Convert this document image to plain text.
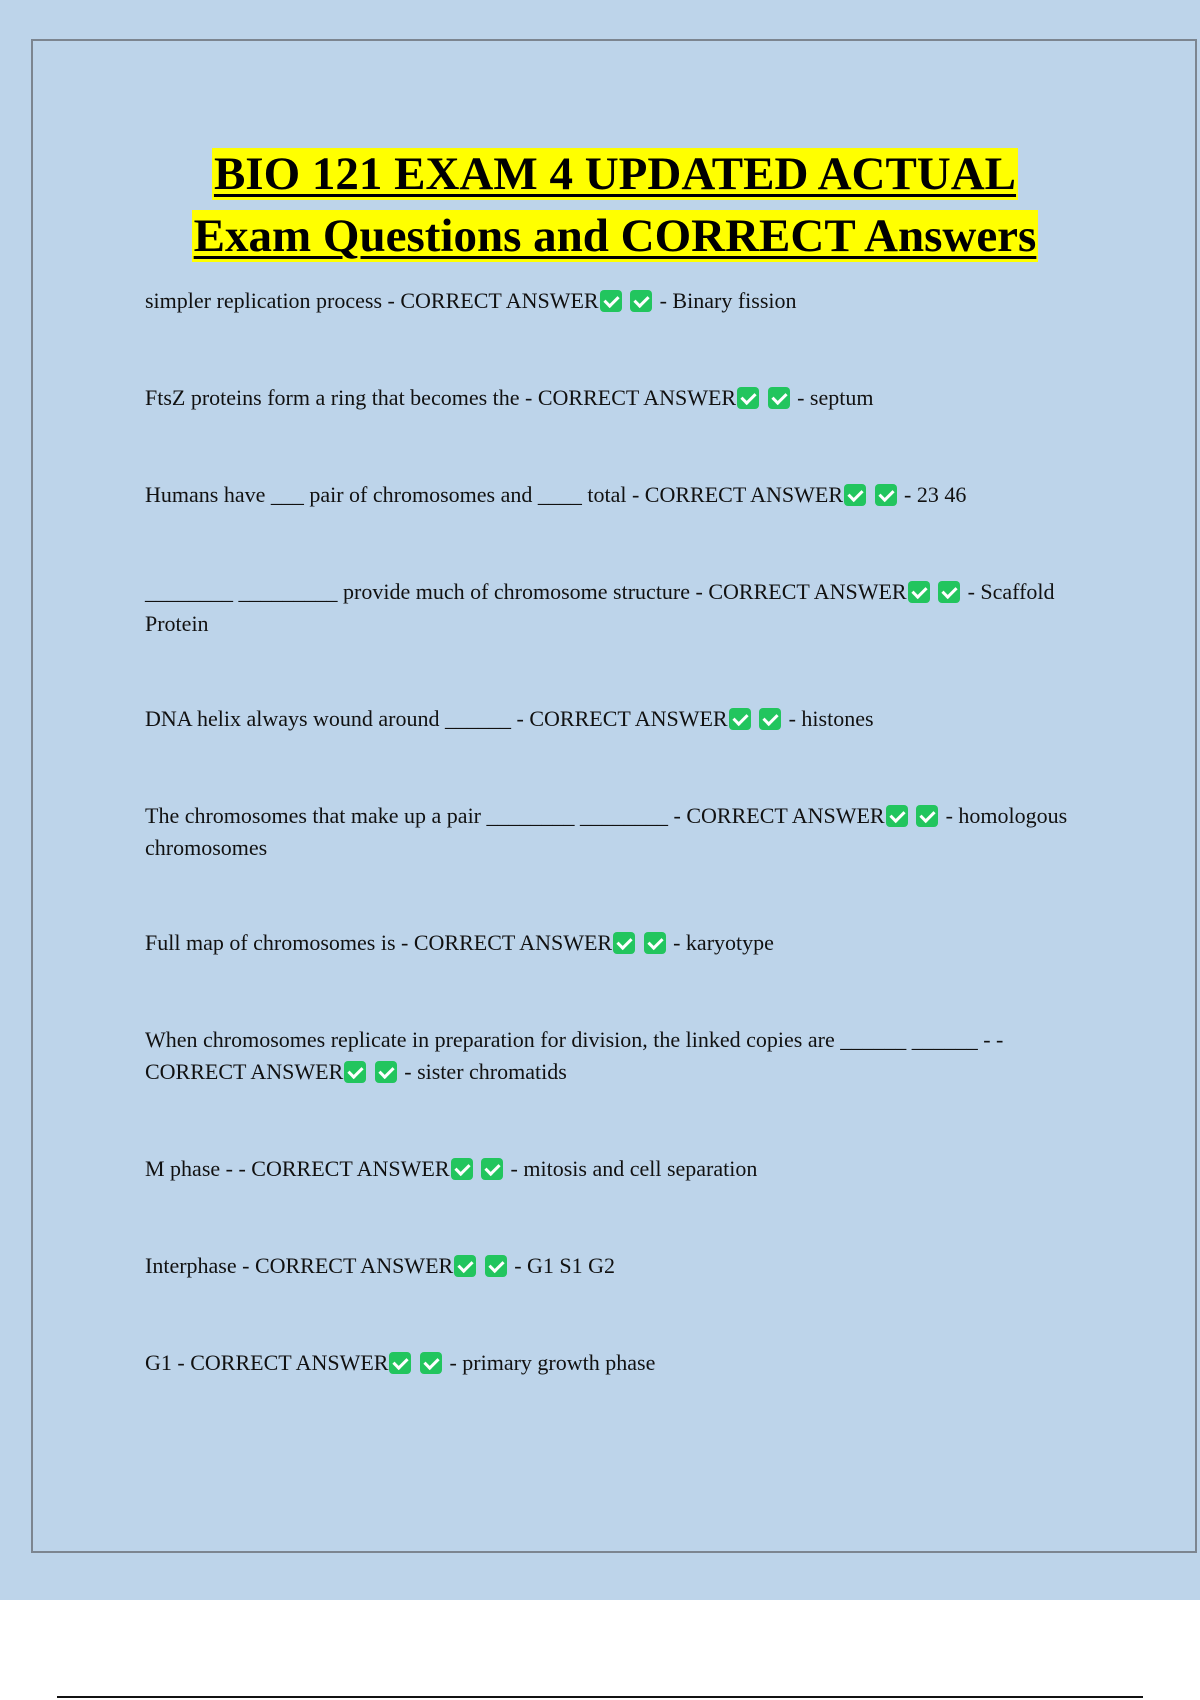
BIO 121 EXAM 4 UPDATED ACTUAL
Exam Questions and CORRECT Answers
simpler replication process - CORRECT ANSWER	- Binary fission
FtsZ proteins form a ring that becomes the - CORRECT ANSWER	- septum
Humans have ___ pair of chromosomes and ____ total - CORRECT ANSWER	- 23 46
________ _________ provide much of chromosome structure - CORRECT ANSWER	- Scaffold Protein
DNA helix always wound around ______ - CORRECT ANSWER	- histones
The chromosomes that make up a pair ________ ________ - CORRECT ANSWER	- homologous chromosomes
Full map of chromosomes is - CORRECT ANSWER	- karyotype
When chromosomes replicate in preparation for division, the linked copies are ______ ______ - - CORRECT ANSWER	- sister chromatids
M phase - - CORRECT ANSWER	- mitosis and cell separation
Interphase - CORRECT ANSWER	- G1 S1 G2
G1 - CORRECT ANSWER	- primary growth phase
